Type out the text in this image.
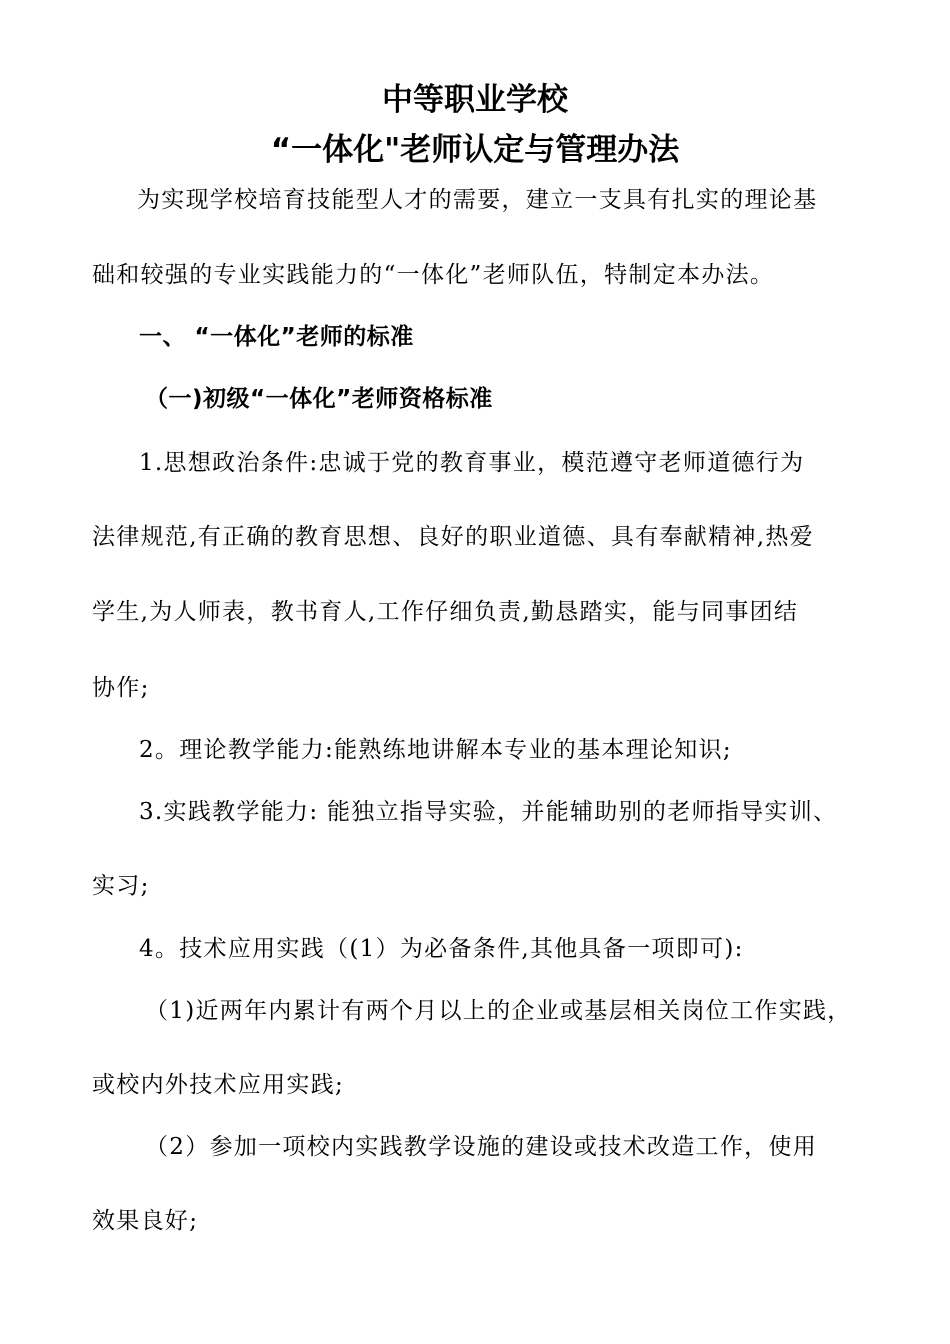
中等职业学校
“一体化"老师认定与管理办法
为实现学校培育技能型人才的需要，建立一支具有扎实的理论基
础和较强的专业实践能力的“一体化”老师队伍，特制定本办法。
一、 “一体化”老师的标准
（一)初级“一体化”老师资格标准
1.思想政治条件:忠诚于党的教育事业，模范遵守老师道德行为
法律规范,有正确的教育思想、良好的职业道德、具有奉献精神,热爱
学生,为人师表，教书育人,工作仔细负责,勤恳踏实，能与同事团结
协作;
2。理论教学能力:能熟练地讲解本专业的基本理论知识;
3.实践教学能力: 能独立指导实验，并能辅助别的老师指导实训、
实习;
4。技术应用实践（(1）为必备条件,其他具备一项即可):
（1)近两年内累计有两个月以上的企业或基层相关岗位工作实践，
或校内外技术应用实践;
（2）参加一项校内实践教学设施的建设或技术改造工作，使用
效果良好;
